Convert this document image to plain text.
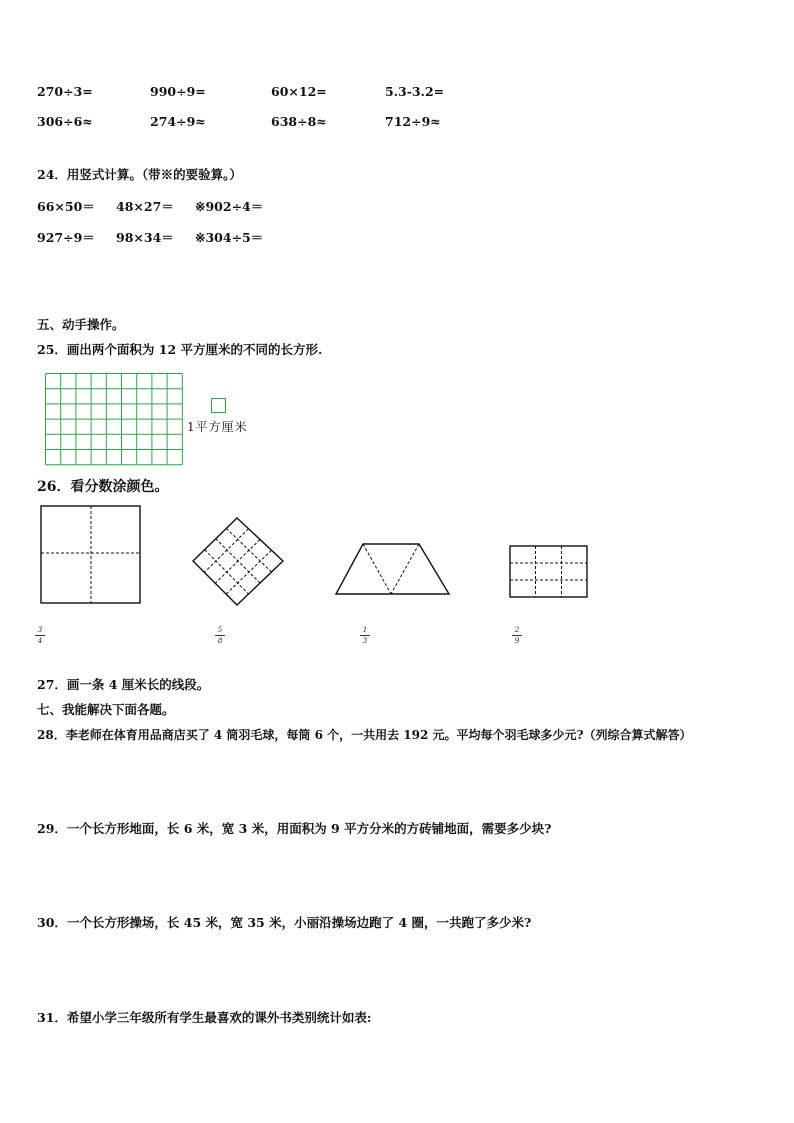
270÷3=	990÷9=	60×12=	5.3-3.2=
306÷6≈	274÷9≈	638÷8≈	712÷9≈
24．用竖式计算。（带※的要验算。）
66×50＝ 48×27＝ ※902÷4＝
927÷9＝ 98×34＝ ※304÷5＝
五、动手操作。
25．画出两个面积为 12 平方厘米的不同的长方形.
1平方厘米
26．看分数涂颜色。
3
4
5
8
1
3
2
9
27．画一条 4 厘米长的线段。
七、我能解决下面各题。
28．李老师在体育用品商店买了 4 筒羽毛球，每筒 6 个，一共用去 192 元。平均每个羽毛球多少元?（列综合算式解答）
29．一个长方形地面，长 6 米，宽 3 米，用面积为 9 平方分米的方砖铺地面，需要多少块?
30．一个长方形操场，长 45 米，宽 35 米，小丽沿操场边跑了 4 圈，一共跑了多少米?
31．希望小学三年级所有学生最喜欢的课外书类别统计如表:
